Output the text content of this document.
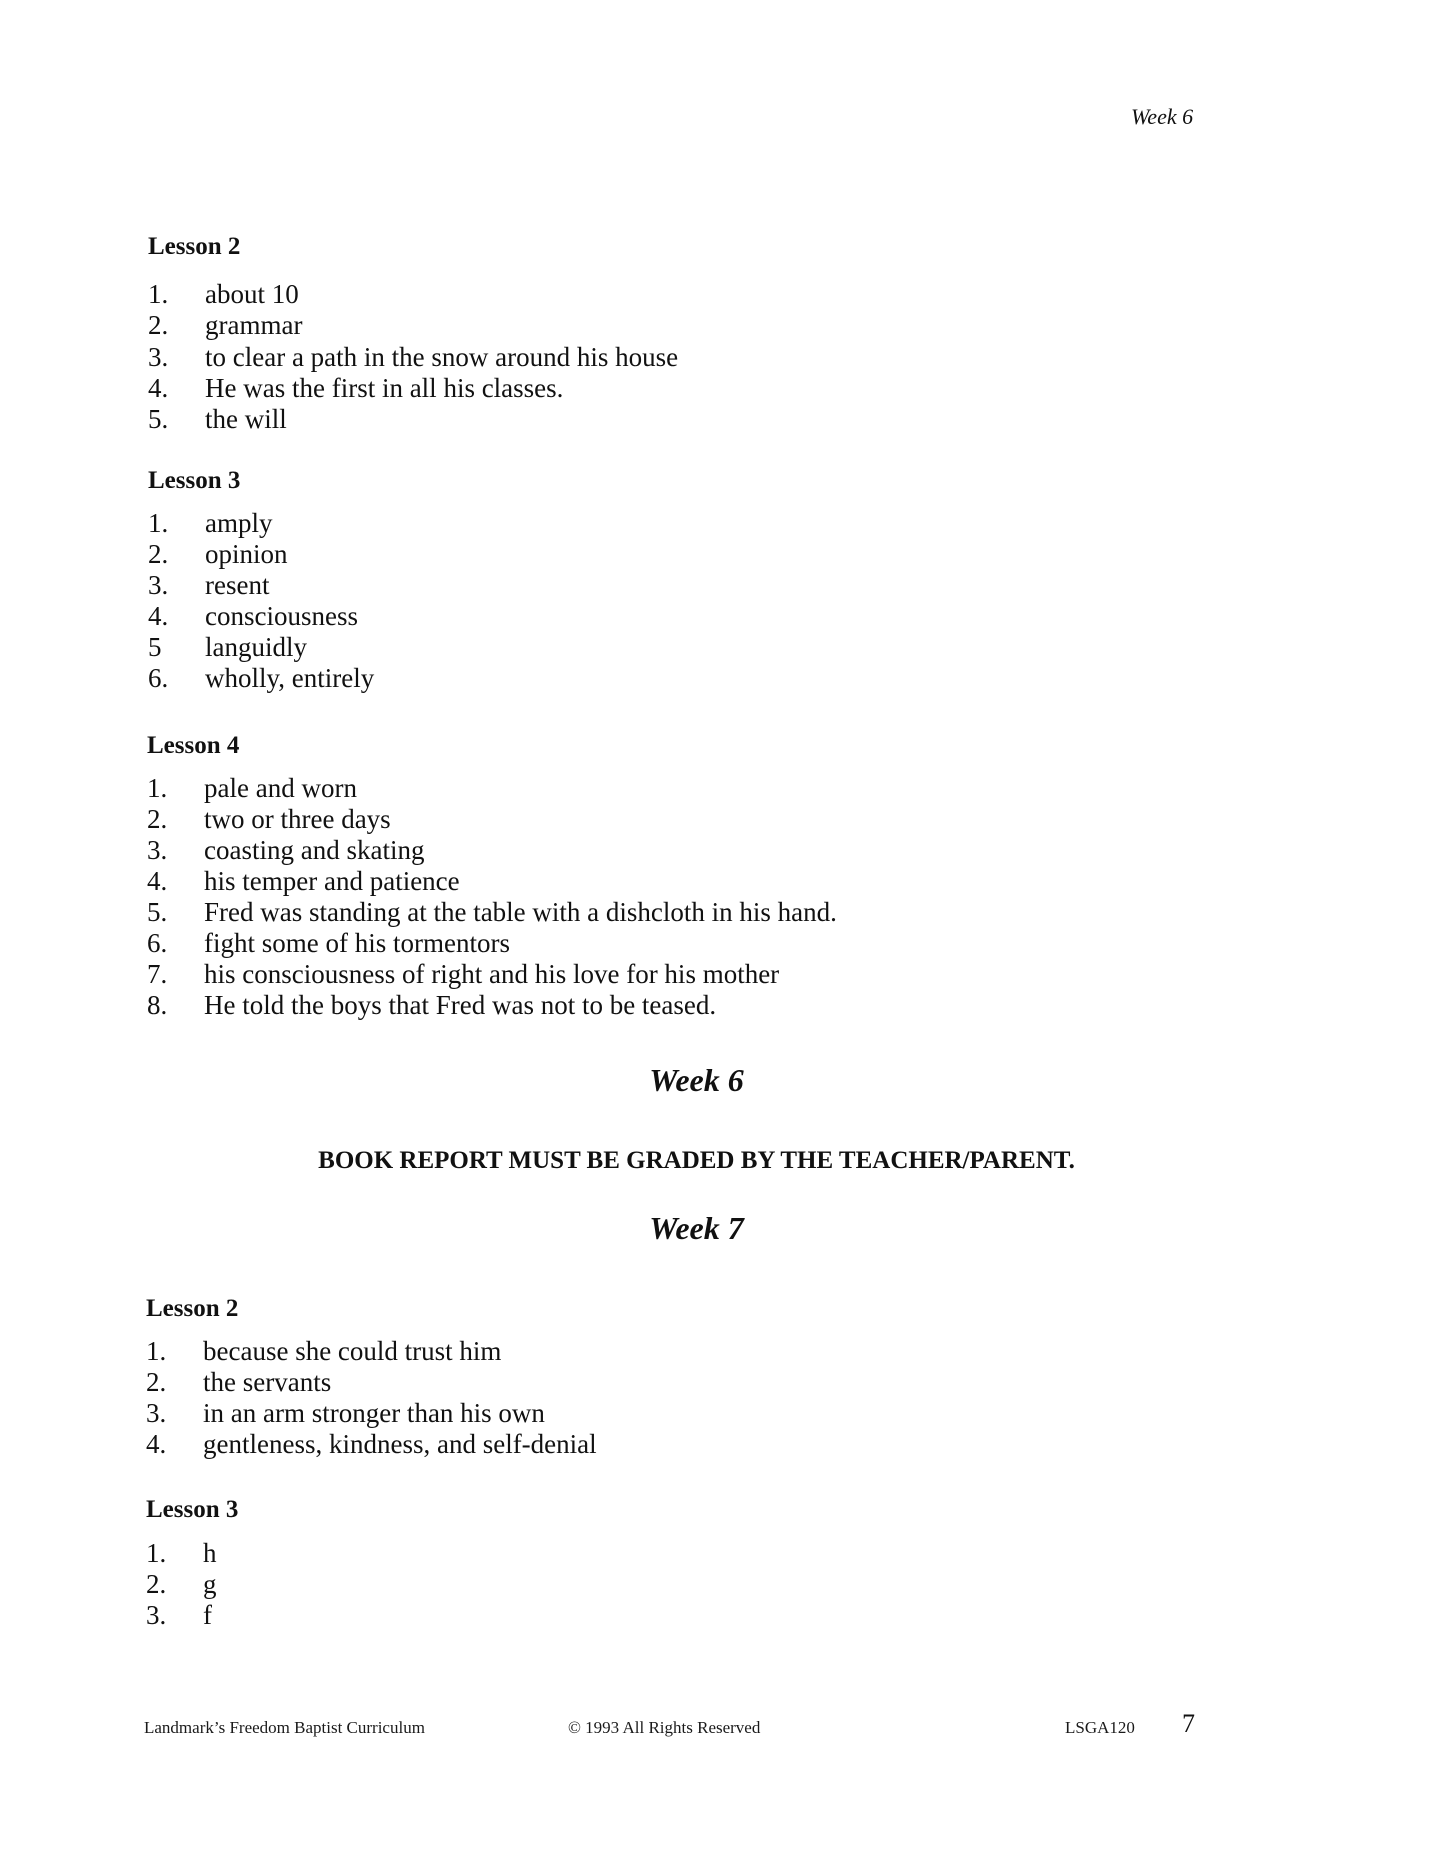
Week 6
Lesson 2
1. about 10
2. grammar
3. to clear a path in the snow around his house
4. He was the first in all his classes.
5. the will
Lesson 3
1. amply
2. opinion
3. resent
4. consciousness
5 languidly
6. wholly, entirely
Lesson 4
1. pale and worn
2. two or three days
3. coasting and skating
4. his temper and patience
5. Fred was standing at the table with a dishcloth in his hand.
6. fight some of his tormentors
7. his consciousness of right and his love for his mother
8. He told the boys that Fred was not to be teased.
Week 6
BOOK REPORT MUST BE GRADED BY THE TEACHER/PARENT.
Week 7
Lesson 2
1. because she could trust him
2. the servants
3. in an arm stronger than his own
4. gentleness, kindness, and self-denial
Lesson 3
1. h
2. g
3. f
Landmark’s Freedom Baptist Curriculum	© 1993 All Rights Reserved	LSGA120 7
